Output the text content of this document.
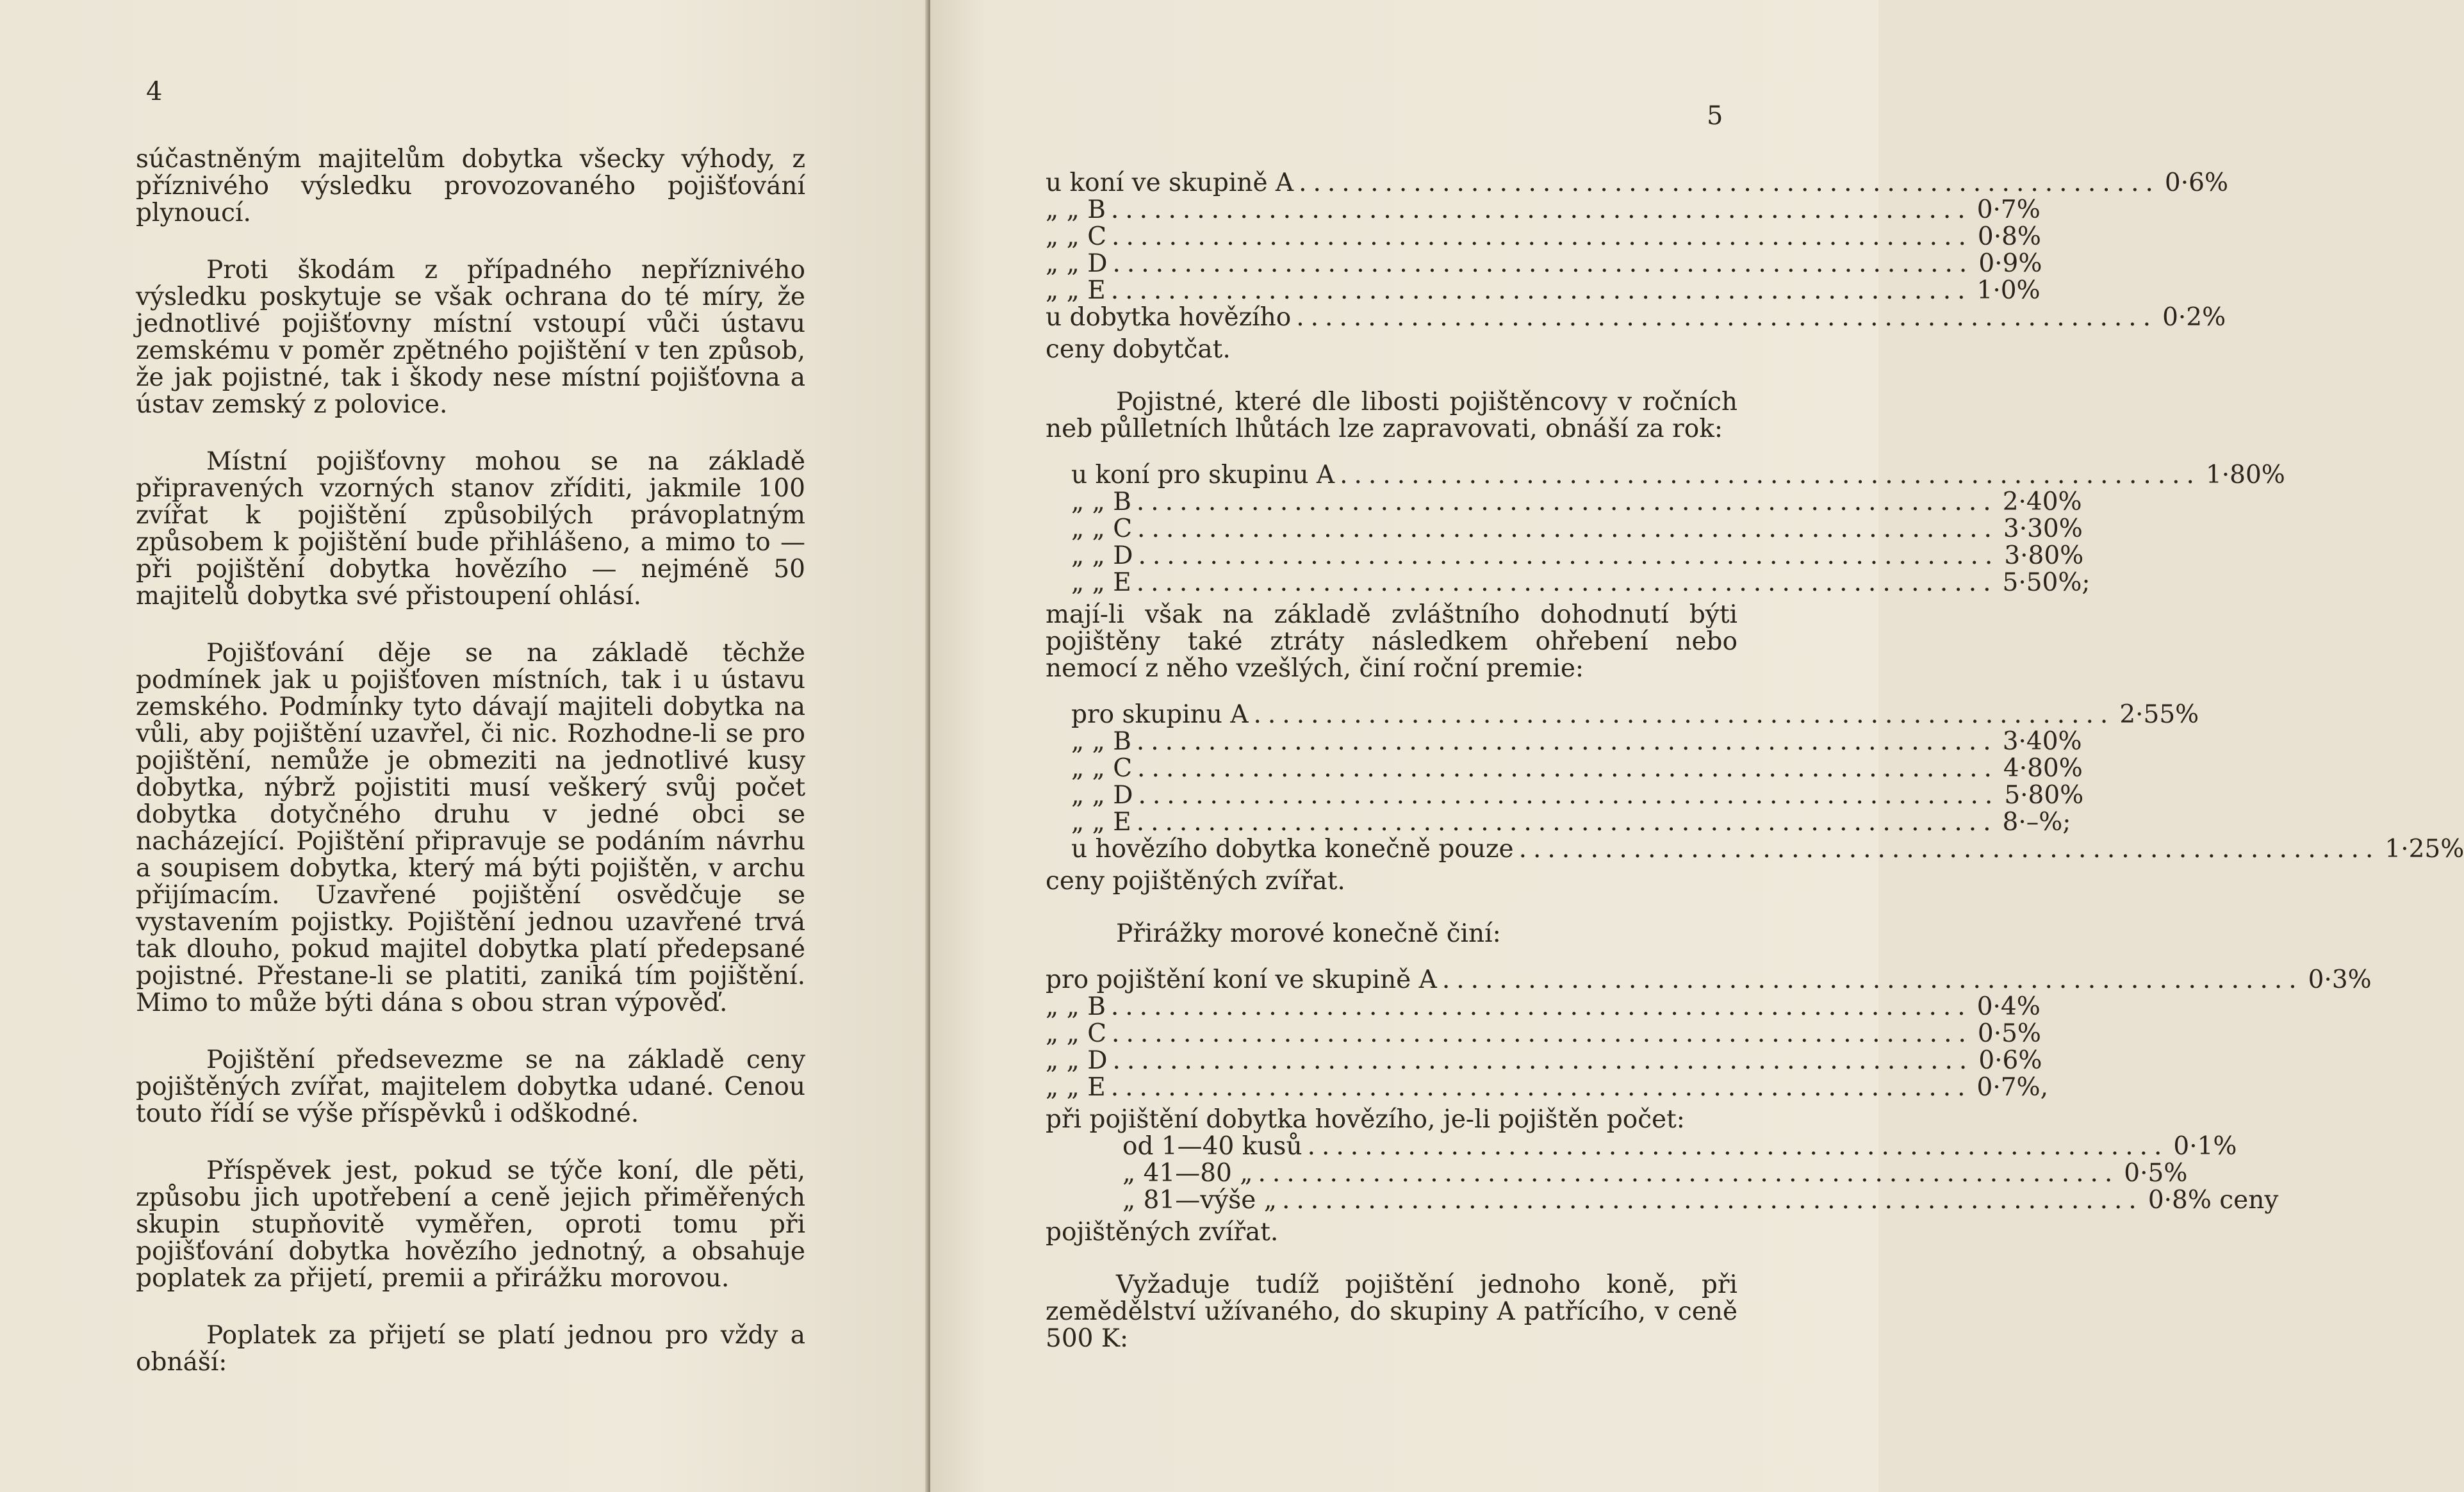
4

súčastněným majitelům dobytka všecky výhody, z příznivého výsledku provozovaného pojišťování plynoucí.

Proti škodám z případného nepříznivého výsledku poskytuje se však ochrana do té míry, že jednotlivé pojišťovny místní vstoupí vůči ústavu zemskému v poměr zpětného pojištění v ten způsob, že jak pojistné, tak i škody nese místní pojišťovna a ústav zemský z polovice.

Místní pojišťovny mohou se na základě připravených vzorných stanov zříditi, jakmile 100 zvířat k pojištění způsobilých právoplatným způsobem k pojištění bude přihlášeno, a mimo to — při pojištění dobytka hovězího — nejméně 50 majitelů dobytka své přistoupení ohlásí.

Pojišťování děje se na základě těchže podmínek jak u pojišťoven místních, tak i u ústavu zemského. Podmínky tyto dávají majiteli dobytka na vůli, aby pojištění uzavřel, či nic. Rozhodne-li se pro pojištění, nemůže je obmeziti na jednotlivé kusy dobytka, nýbrž pojistiti musí veškerý svůj počet dobytka dotyčného druhu v jedné obci se nacházející. Pojištění připravuje se podáním návrhu a soupisem dobytka, který má býti pojištěn, v archu přijímacím. Uzavřené pojištění osvědčuje se vystavením pojistky. Pojištění jednou uzavřené trvá tak dlouho, pokud majitel dobytka platí předepsané pojistné. Přestane-li se platiti, zaniká tím pojištění. Mimo to může býti dána s obou stran výpověď.

Pojištění předsevezme se na základě ceny pojištěných zvířat, majitelem dobytka udané. Cenou touto řídí se výše příspěvků i odškodné.

Příspěvek jest, pokud se týče koní, dle pěti, způsobu jich upotřebení a ceně jejich přiměřených skupin stupňovitě vyměřen, oproti tomu při pojišťování dobytka hovězího jednotný, a obsahuje poplatek za přijetí, premii a přirážku morovou.

Poplatek za přijetí se platí jednou pro vždy a obnáší:

5
u koní ve skupině A ............................................................ 0·6%
„ „ B ............................................................ 0·7%
„ „ C ............................................................ 0·8%
„ „ D ............................................................ 0·9%
„ „ E ............................................................ 1·0%
u dobytka hovězího ............................................................ 0·2%
ceny dobytčat.

Pojistné, které dle libosti pojištěncovy v ročních neb půlletních lhůtách lze zapravovati, obnáší za rok:

u koní pro skupinu A ............................................................ 1·80%
„ „ B ............................................................ 2·40%
„ „ C ............................................................ 3·30%
„ „ D ............................................................ 3·80%
„ „ E ............................................................ 5·50%;

mají-li však na základě zvláštního dohodnutí býti pojištěny také ztráty následkem ohřebení nebo nemocí z něho vzešlých, činí roční premie:

pro skupinu A ............................................................ 2·55%
„ „ B ............................................................ 3·40%
„ „ C ............................................................ 4·80%
„ „ D ............................................................ 5·80%
„ „ E ............................................................ 8·–%;
u hovězího dobytka konečně pouze ............................................................ 1·25%
ceny pojištěných zvířat.

Přirážky morové konečně činí:

pro pojištění koní ve skupině A ............................................................ 0·3%
„ „ B ............................................................ 0·4%
„ „ C ............................................................ 0·5%
„ „ D ............................................................ 0·6%
„ „ E ............................................................ 0·7%,
při pojištění dobytka hovězího, je-li pojištěn počet:
od 1—40 kusů ............................................................ 0·1%
„ 41—80 „ ............................................................ 0·5%
„ 81—výše „ ............................................................ 0·8% ceny
pojištěných zvířat.

Vyžaduje tudíž pojištění jednoho koně, při zemědělství užívaného, do skupiny A patřícího, v ceně 500 K:
